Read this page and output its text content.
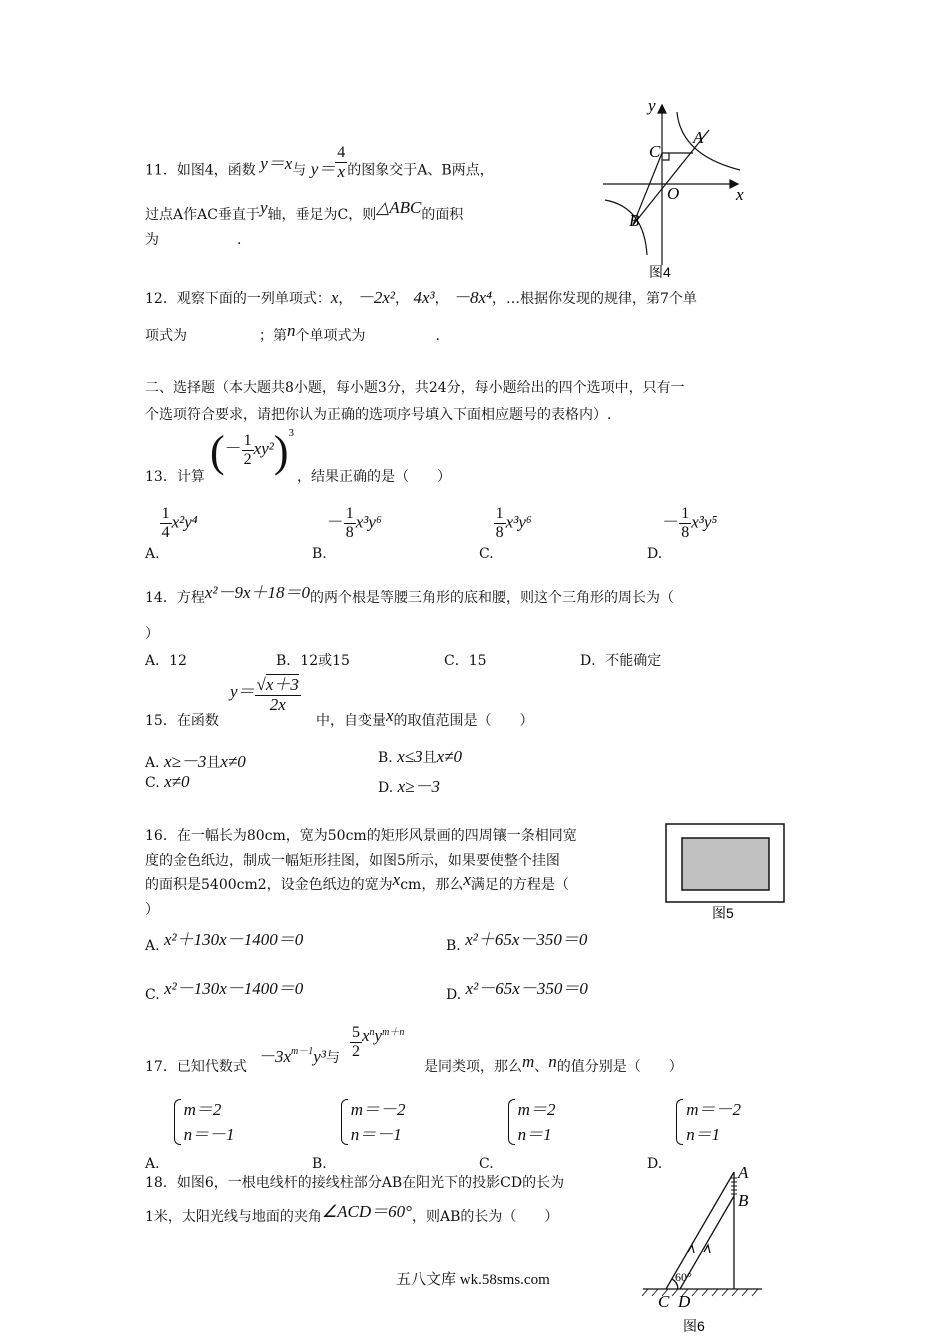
11．如图4，函数 y＝x与 $y= \frac{4}{x}$ 的图象交于A、B两点，
过点A作AC垂直于y轴，垂足为C，则△ABC的面积
为	.
y
x
A
C
O
B
图4
12．观察下面的一列单项式：x， －2x²， 4x³， －8x⁴，…根据你发现的规律，第7个单
项式为	；第n个单项式为	.
二、选择题（本大题共8小题，每小题3分，共24分，每小题给出的四个选项中，只有一
个选项符合要求，请把你认为正确的选项序号填入下面相应题号的表格内）.
13．计算
(－ $\frac{1}{2} xy^2)^3$
，结果正确的是（　　）
A.
$\frac{1}{4} x^2y^4$
$B.- \frac{1}{8} x^3y^6$
C.
$\frac{1}{8} x^3y^6$
$D.- \frac{1}{8} x^3y^5$
14．方程x²－9x＋18＝0的两个根是等腰三角形的底和腰，则这个三角形的周长为（
）
A．12	B．12或15	C．15	D．不能确定
15．在函数
$y= \frac{√x+3}{2x}$
中，自变量x的取值范围是（　　）
A. x≥－3且x≠0	B. x≤3且x≠0
C. x≠0	D. x≥－3
16．在一幅长为80cm，宽为50cm的矩形风景画的四周镶一条相同宽
度的金色纸边，制成一幅矩形挂图，如图5所示，如果要使整个挂图
的面积是5400cm2，设金色纸边的宽为xcm，那么x满足的方程是（
）	图5
A. x²＋130x－1400＝0	B. x²＋65x－350＝0
C. x²－130x－1400＝0	D. x²－65x－350＝0
17．已知代数式
$-3x^{m-1}y^3$与 $\frac{5}{2} x^ny^{m+n}$
是同类项，那么m、n的值分别是（　　）
A.
m＝2
n＝－1
B.
m＝－2
n＝－1
C.
m＝2
n＝1
D.
m＝－2
n＝1
18．如图6，一根电线杆的接线柱部分AB在阳光下的投影CD的长为
1米，太阳光线与地面的夹角∠ACD＝60°，则AB的长为（　　）
A
B
C D
60°
图6
五八文库 wk.58sms.com
